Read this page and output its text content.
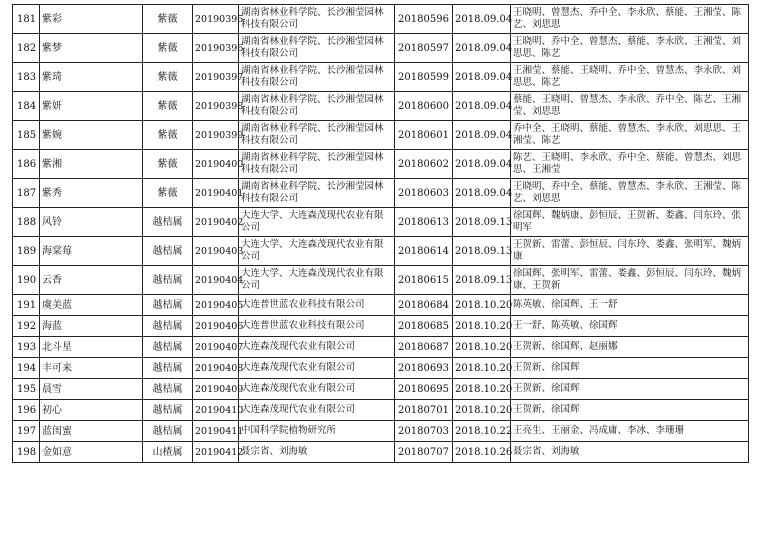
181	紫彩	紫薇	20190395	湖南省林业科学院、长沙湘莹园林科技有限公司	20180596	2018.09.04	王晓明、曾慧杰、乔中全、李永欣、蔡能、王湘莹、陈艺、刘思思
182	紫梦	紫薇	20190396	湖南省林业科学院、长沙湘莹园林科技有限公司	20180597	2018.09.04	王晓明、乔中全、曾慧杰、蔡能、李永欣、王湘莹、刘思思、陈艺
183	紫琦	紫薇	20190397	湖南省林业科学院、长沙湘莹园林科技有限公司	20180599	2018.09.04	王湘莹、蔡能、王晓明、乔中全、曾慧杰、李永欣、刘思思、陈艺
184	紫妍	紫薇	20190398	湖南省林业科学院、长沙湘莹园林科技有限公司	20180600	2018.09.04	蔡能、王晓明、曾慧杰、李永欣、乔中全、陈艺、王湘莹、刘思思
185	紫婉	紫薇	20190399	湖南省林业科学院、长沙湘莹园林科技有限公司	20180601	2018.09.04	乔中全、王晓明、蔡能、曾慧杰、李永欣、刘思思、王湘莹、陈艺
186	紫湘	紫薇	20190400	湖南省林业科学院、长沙湘莹园林科技有限公司	20180602	2018.09.04	陈艺、王晓明、李永欣、乔中全、蔡能、曾慧杰、刘思思、王湘莹
187	紫秀	紫薇	20190401	湖南省林业科学院、长沙湘莹园林科技有限公司	20180603	2018.09.04	王晓明、乔中全、蔡能、曾慧杰、李永欣、王湘莹、陈艺、刘思思
188	风铃	越桔属	20190402	大连大学、大连森茂现代农业有限公司	20180613	2018.09.13	徐国辉、魏炳康、彭恒辰、王贺新、娄鑫、闫东玲、张明军
189	海棠莓	越桔属	20190403	大连大学、大连森茂现代农业有限公司	20180614	2018.09.13	王贺新、雷蕾、彭恒辰、闫东玲、娄鑫、张明军、魏炳康
190	云香	越桔属	20190404	大连大学、大连森茂现代农业有限公司	20180615	2018.09.13	徐国辉、张明军、雷蕾、娄鑫、彭恒辰、闫东玲、魏炳康、王贺新
191	虞美蓝	越桔属	20190405	大连普世蓝农业科技有限公司	20180684	2018.10.20	陈英敏、徐国辉、王一舒
192	海蓝	越桔属	20190406	大连普世蓝农业科技有限公司	20180685	2018.10.20	王一舒、陈英敏、徐国辉
193	北斗星	越桔属	20190407	大连森茂现代农业有限公司	20180687	2018.10.20	王贺新、徐国辉、赵丽娜
194	丰可来	越桔属	20190408	大连森茂现代农业有限公司	20180693	2018.10.20	王贺新、徐国辉
195	晨雪	越桔属	20190409	大连森茂现代农业有限公司	20180695	2018.10.20	王贺新、徐国辉
196	初心	越桔属	20190410	大连森茂现代农业有限公司	20180701	2018.10.20	王贺新、徐国辉
197	蓝闺蜜	越桔属	20190411	中国科学院植物研究所	20180703	2018.10.22	王亮生、王丽金、冯成庸、李冰、李珊珊
198	金如意	山楂属	20190412	聂宗省、刘海敏	20180707	2018.10.26	聂宗省、刘海敏
